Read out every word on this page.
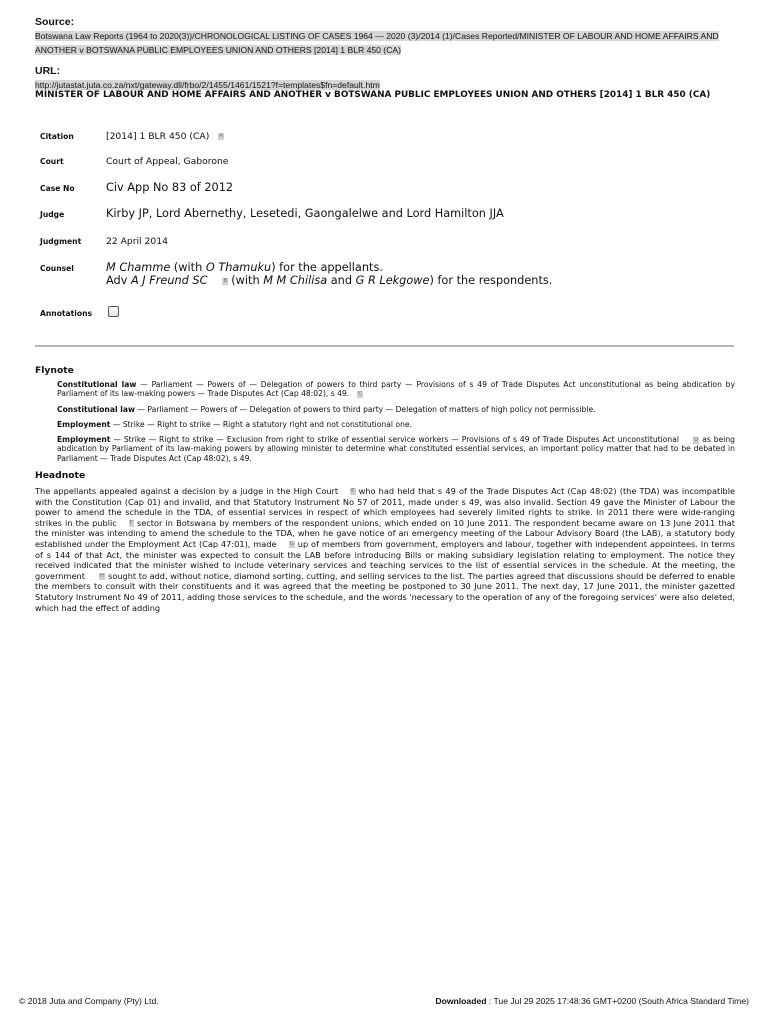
Source:
Botswana Law Reports (1964 to 2020(3))/CHRONOLOGICAL LISTING OF CASES 1964 — 2020 (3)/2014 (1)/Cases Reported/MINISTER OF LABOUR AND HOME AFFAIRS AND ANOTHER v BOTSWANA PUBLIC EMPLOYEES UNION AND OTHERS [2014] 1 BLR 450 (CA)
URL:
http://jutastat.juta.co.za/nxt/gateway.dll/frbo/2/1455/1461/1521?f=templates$fn=default.htm
MINISTER OF LABOUR AND HOME AFFAIRS AND ANOTHER v BOTSWANA PUBLIC EMPLOYEES UNION AND OTHERS [2014] 1 BLR 450 (CA)
Citation	[2014] 1 BLR 450 (CA) A
Court	Court of Appeal, Gaborone
Case No	Civ App No 83 of 2012
Judge	Kirby JP, Lord Abernethy, Lesetedi, Gaongalelwe and Lord Hamilton JJA
Judgment	22 April 2014
Counsel	M Chamme (with O Thamuku) for the appellants.
Adv A J Freund SC	B (with M M Chilisa and G R Lekgowe) for the respondents.
Annotations
Flynote
Constitutional law — Parliament — Powers of — Delegation of powers to third party — Provisions of s 49 of Trade Disputes Act unconstitutional as being abdication by Parliament of its law-making powers — Trade Disputes Act (Cap 48:02), s 49. C
Constitutional law — Parliament — Powers of — Delegation of powers to third party — Delegation of matters of high policy not permissible.
Employment — Strike — Right to strike — Right a statutory right and not constitutional one.
Employment — Strike — Right to strike — Exclusion from right to strike of essential service workers — Provisions of s 49 of Trade Disputes Act unconstitutional	D as being abdication by Parliament of its law-making powers by allowing minister to determine what constituted essential services, an important policy matter that had to be debated in Parliament — Trade Disputes Act (Cap 48:02), s 49.
Headnote
The appellants appealed against a decision by a judge in the High Court E who had held that s 49 of the Trade Disputes Act (Cap 48:02) (the TDA) was incompatible with the Constitution (Cap 01) and invalid, and that Statutory Instrument No 57 of 2011, made under s 49, was also invalid. Section 49 gave the Minister of Labour the power to amend the schedule in the TDA, of essential services in respect of which employees had severely limited rights to strike. In 2011 there were wide-ranging strikes in the public F sector in Botswana by members of the respondent unions, which ended on 10 June 2011. The respondent became aware on 13 June 2011 that the minister was intending to amend the schedule to the TDA, when he gave notice of an emergency meeting of the Labour Advisory Board (the LAB), a statutory body established under the Employment Act (Cap 47:01), made G up of members from government, employers and labour, together with independent appointees. In terms of s 144 of that Act, the minister was expected to consult the LAB before introducing Bills or making subsidiary legislation relating to employment. The notice they received indicated that the minister wished to include veterinary services and teaching services to the list of essential services in the schedule. At the meeting, the government	H sought to add, without notice, diamond sorting, cutting, and selling services to the list. The parties agreed that discussions should be deferred to enable the members to consult with their constituents and it was agreed that the meeting be postponed to 30 June 2011. The next day, 17 June 2011, the minister gazetted Statutory Instrument No 49 of 2011, adding those services to the schedule, and the words 'necessary to the operation of any of the foregoing services' were also deleted, which had the effect of adding
© 2018 Juta and Company (Pty) Ltd.	Downloaded : Tue Jul 29 2025 17:48:36 GMT+0200 (South Africa Standard Time)
